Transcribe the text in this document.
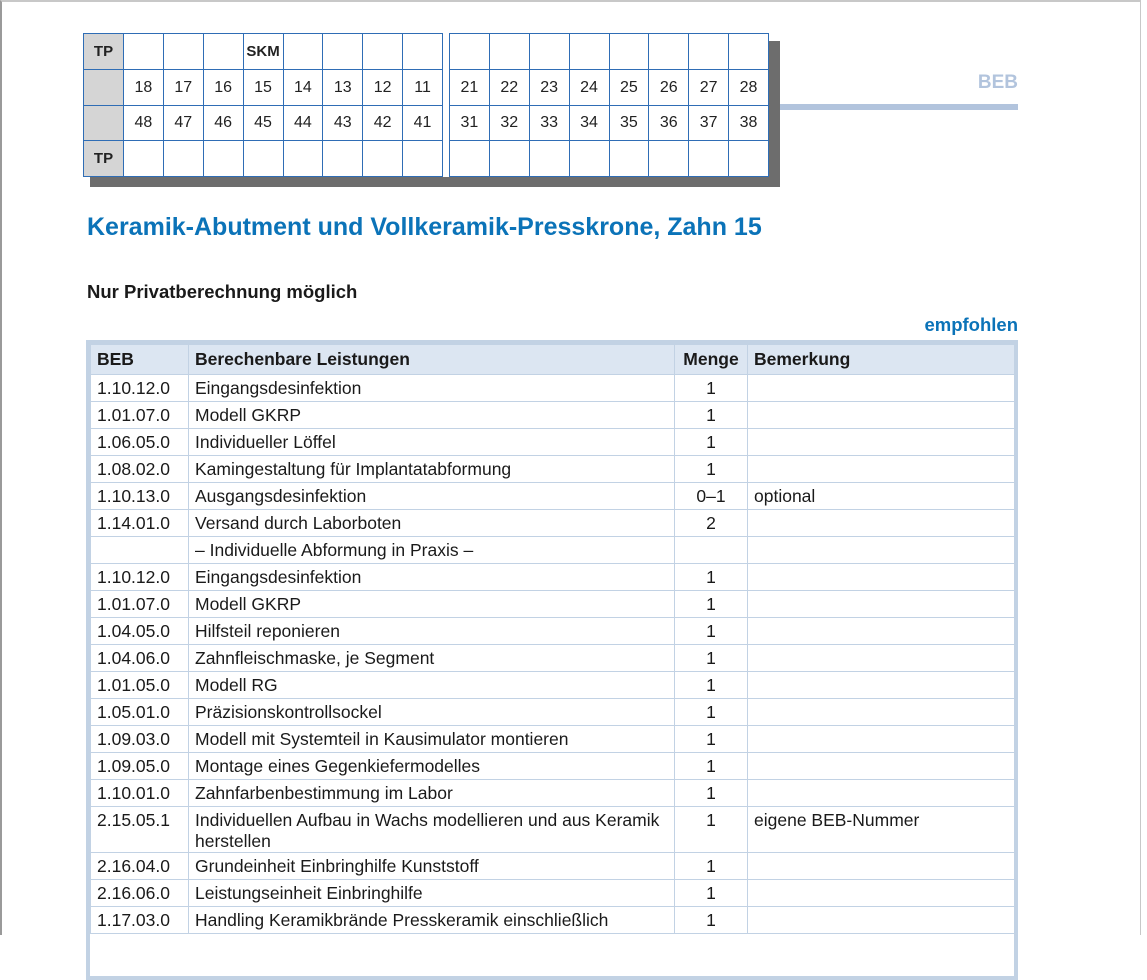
TP				SKM													
	18	17	16	15	14	13	12	11		21	22	23	24	25	26	27	28
	48	47	46	45	44	43	42	41		31	32	33	34	35	36	37	38
TP																	
BEB
Keramik-Abutment und Vollkeramik-Presskrone, Zahn 15
Nur Privatberechnung möglich
empfohlen
BEB	Berechenbare Leistungen	Menge	Bemerkung
1.10.12.0	Eingangsdesinfektion	1	
1.01.07.0	Modell GKRP	1	
1.06.05.0	Individueller Löffel	1	
1.08.02.0	Kamingestaltung für Implantatabformung	1	
1.10.13.0	Ausgangsdesinfektion	0–1	optional
1.14.01.0	Versand durch Laborboten	2	
	– Individuelle Abformung in Praxis –		
1.10.12.0	Eingangsdesinfektion	1	
1.01.07.0	Modell GKRP	1	
1.04.05.0	Hilfsteil reponieren	1	
1.04.06.0	Zahnfleischmaske, je Segment	1	
1.01.05.0	Modell RG	1	
1.05.01.0	Präzisionskontrollsockel	1	
1.09.03.0	Modell mit Systemteil in Kausimulator montieren	1	
1.09.05.0	Montage eines Gegenkiefermodelles	1	
1.10.01.0	Zahnfarbenbestimmung im Labor	1	
2.15.05.1	Individuellen Aufbau in Wachs modellieren und aus Keramik herstellen	1	eigene BEB-Nummer
2.16.04.0	Grundeinheit Einbringhilfe Kunststoff	1	
2.16.06.0	Leistungseinheit Einbringhilfe	1	
1.17.03.0	Handling Keramikbrände Presskeramik einschließlich	1	
